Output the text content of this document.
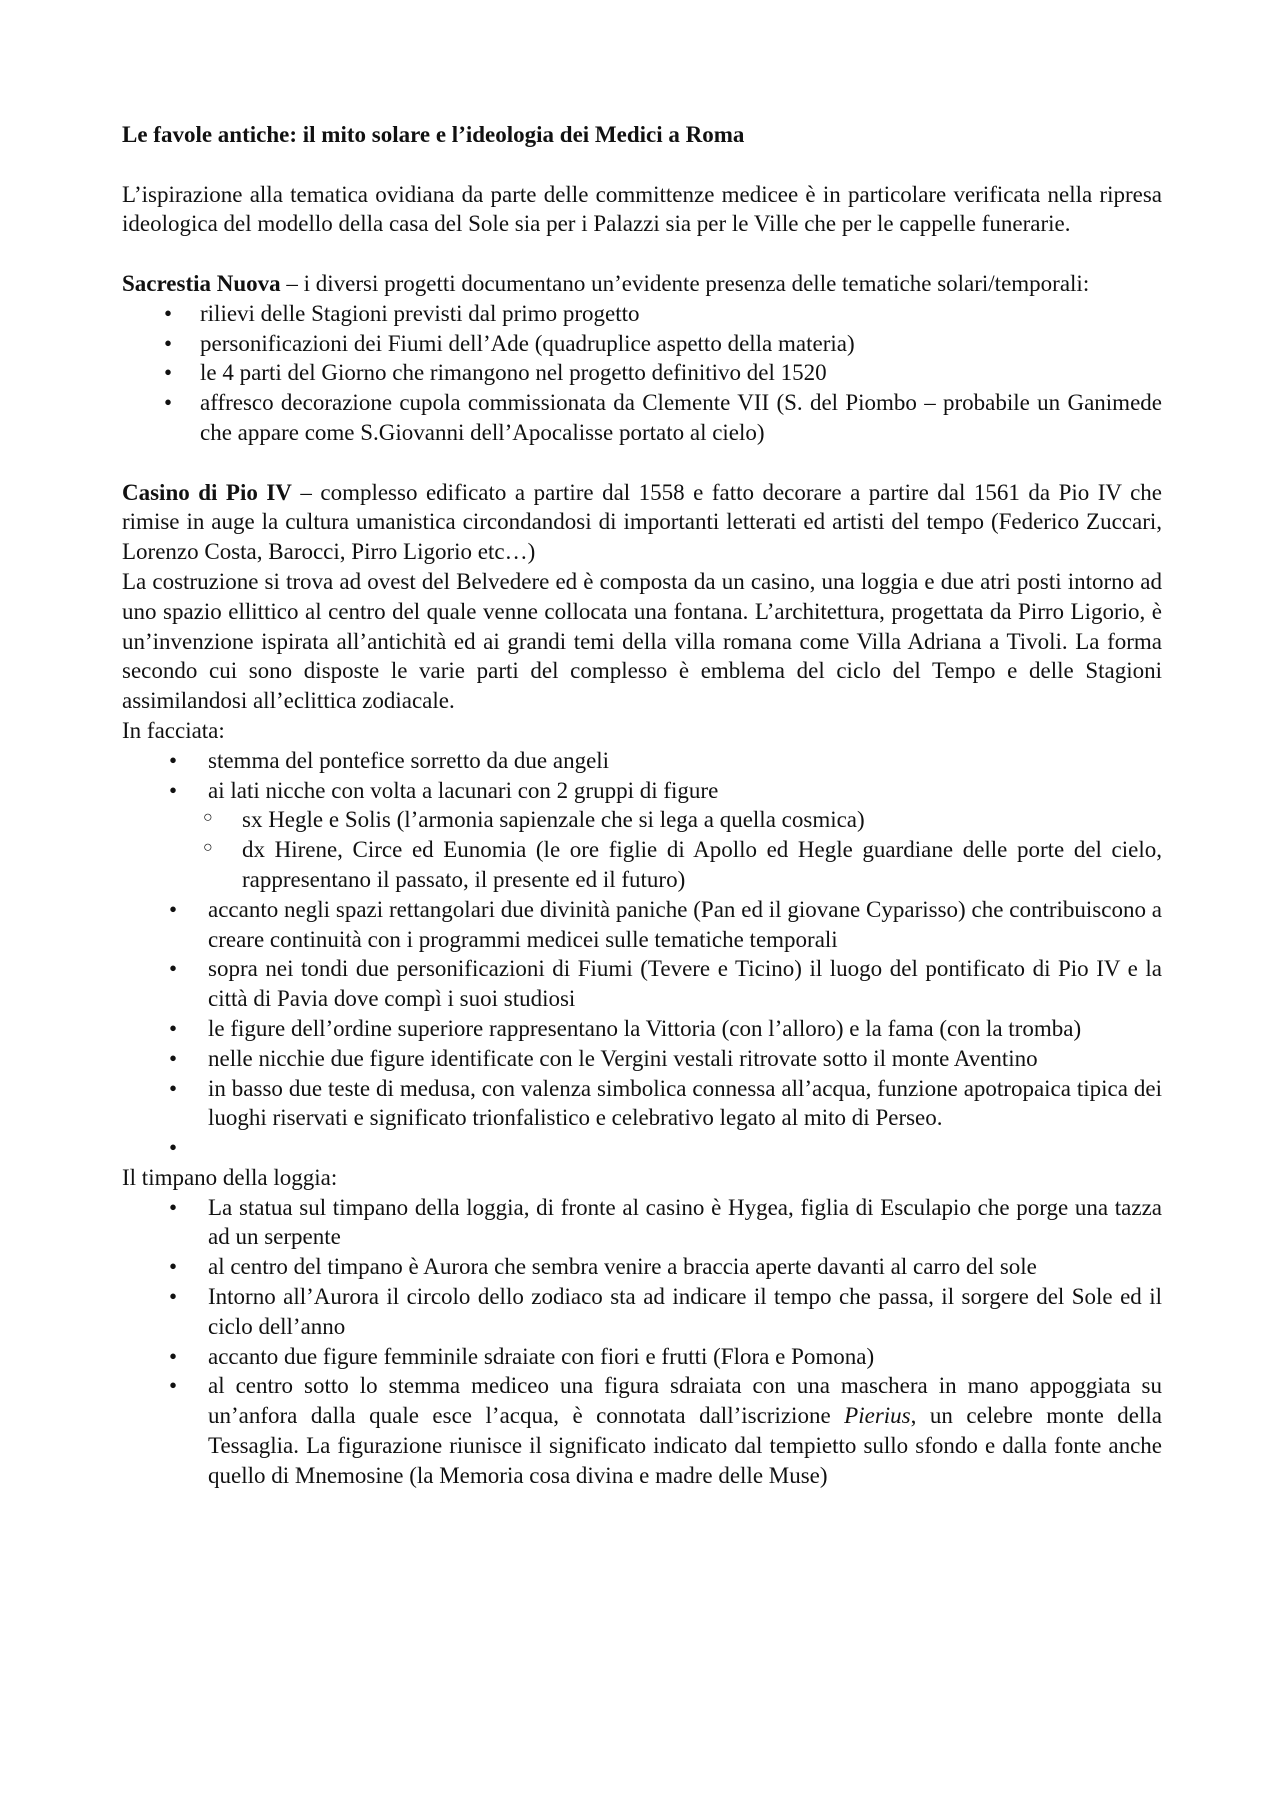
Le favole antiche: il mito solare e l’ideologia dei Medici a Roma

L’ispirazione alla tematica ovidiana da parte delle committenze medicee è in particolare verificata nella ripresa ideologica del modello della casa del Sole sia per i Palazzi sia per le Ville che per le cappelle funerarie.

Sacrestia Nuova – i diversi progetti documentano un’evidente presenza delle tematiche solari/temporali:

• rilievi delle Stagioni previsti dal primo progetto
• personificazioni dei Fiumi dell’Ade (quadruplice aspetto della materia)
• le 4 parti del Giorno che rimangono nel progetto definitivo del 1520
• affresco decorazione cupola commissionata da Clemente VII (S. del Piombo – probabile un Ganimede che appare come S.Giovanni dell’Apocalisse portato al cielo)

Casino di Pio IV – complesso edificato a partire dal 1558 e fatto decorare a partire dal 1561 da Pio IV che rimise in auge la cultura umanistica circondandosi di importanti letterati ed artisti del tempo (Federico Zuccari, Lorenzo Costa, Barocci, Pirro Ligorio etc…)

La costruzione si trova ad ovest del Belvedere ed è composta da un casino, una loggia e due atri posti intorno ad uno spazio ellittico al centro del quale venne collocata una fontana. L’architettura, progettata da Pirro Ligorio, è un’invenzione ispirata all’antichità ed ai grandi temi della villa romana come Villa Adriana a Tivoli. La forma secondo cui sono disposte le varie parti del complesso è emblema del ciclo del Tempo e delle Stagioni assimilandosi all’eclittica zodiacale.

In facciata:

• stemma del pontefice sorretto da due angeli
• ai lati nicche con volta a lacunari con 2 gruppi di figure
○ sx Hegle e Solis (l’armonia sapienzale che si lega a quella cosmica)
○ dx Hirene, Circe ed Eunomia (le ore figlie di Apollo ed Hegle guardiane delle porte del cielo, rappresentano il passato, il presente ed il futuro)
• accanto negli spazi rettangolari due divinità paniche (Pan ed il giovane Cyparisso) che contribuiscono a creare continuità con i programmi medicei sulle tematiche temporali
• sopra nei tondi due personificazioni di Fiumi (Tevere e Ticino) il luogo del pontificato di Pio IV e la città di Pavia dove compì i suoi studiosi
• le figure dell’ordine superiore rappresentano la Vittoria (con l’alloro) e la fama (con la tromba)
• nelle nicchie due figure identificate con le Vergini vestali ritrovate sotto il monte Aventino
• in basso due teste di medusa, con valenza simbolica connessa all’acqua, funzione apotropaica tipica dei luoghi riservati e significato trionfalistico e celebrativo legato al mito di Perseo.
•

Il timpano della loggia:

• La statua sul timpano della loggia, di fronte al casino è Hygea, figlia di Esculapio che porge una tazza ad un serpente
• al centro del timpano è Aurora che sembra venire a braccia aperte davanti al carro del sole
• Intorno all’Aurora il circolo dello zodiaco sta ad indicare il tempo che passa, il sorgere del Sole ed il ciclo dell’anno
• accanto due figure femminile sdraiate con fiori e frutti (Flora e Pomona)
• al centro sotto lo stemma mediceo una figura sdraiata con una maschera in mano appoggiata su un’anfora dalla quale esce l’acqua, è connotata dall’iscrizione Pierius, un celebre monte della Tessaglia. La figurazione riunisce il significato indicato dal tempietto sullo sfondo e dalla fonte anche quello di Mnemosine (la Memoria cosa divina e madre delle Muse)
